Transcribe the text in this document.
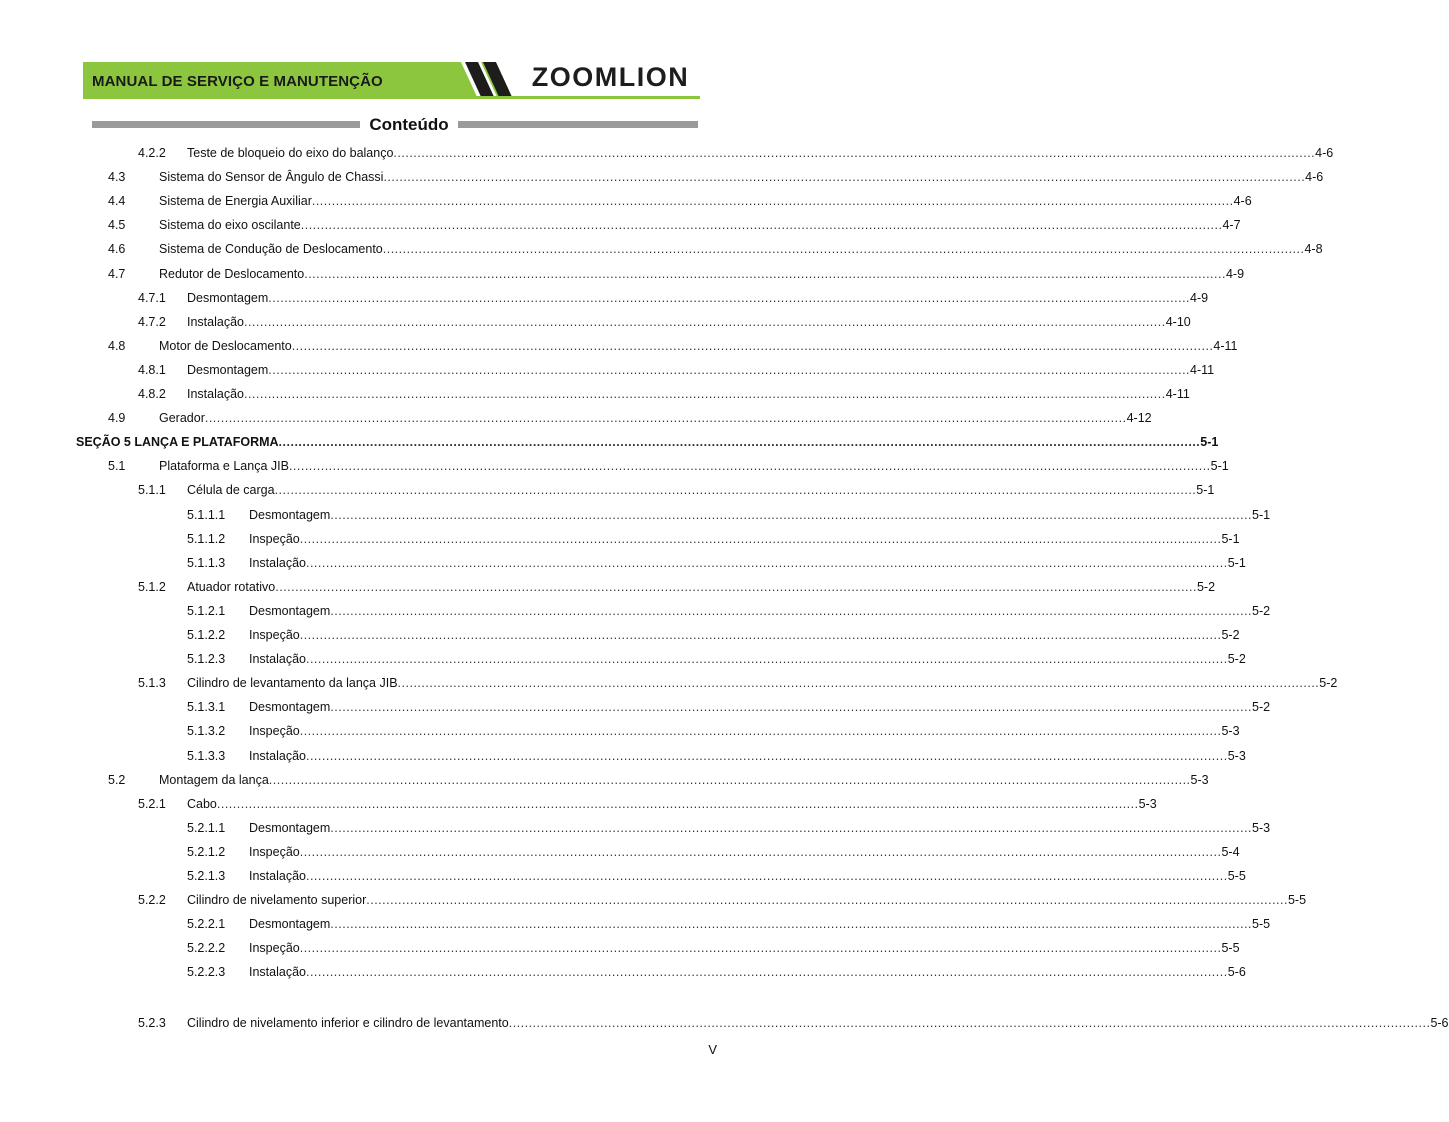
MANUAL DE SERVIÇO E MANUTENÇÃO	ZOOMLION
Conteúdo
4.2.2 Teste de bloqueio do eixo do balanço ........................................................................................................................................................................................................................................ 4-6
4.3	Sistema do Sensor de Ângulo de Chassi ........................................................................................................................................................................................................................................ 4-6
4.4	Sistema de Energia Auxiliar ........................................................................................................................................................................................................................................ 4-6
4.5	Sistema do eixo oscilante ........................................................................................................................................................................................................................................ 4-7
4.6	Sistema de Condução de Deslocamento ........................................................................................................................................................................................................................................ 4-8
4.7	Redutor de Deslocamento ........................................................................................................................................................................................................................................ 4-9
4.7.1 Desmontagem ........................................................................................................................................................................................................................................ 4-9
4.7.2 Instalação ........................................................................................................................................................................................................................................ 4-10
4.8	Motor de Deslocamento ........................................................................................................................................................................................................................................ 4-11
4.8.1 Desmontagem ........................................................................................................................................................................................................................................ 4-11
4.8.2 Instalação ........................................................................................................................................................................................................................................ 4-11
4.9	Gerador ........................................................................................................................................................................................................................................ 4-12
SEÇÃO 5 LANÇA E PLATAFORMA ........................................................................................................................................................................................................................................ 5-1
5.1	Plataforma e Lança JIB ........................................................................................................................................................................................................................................ 5-1
5.1.1 Célula de carga ........................................................................................................................................................................................................................................ 5-1
5.1.1.1 Desmontagem ........................................................................................................................................................................................................................................ 5-1
5.1.1.2 Inspeção ........................................................................................................................................................................................................................................ 5-1
5.1.1.3 Instalação ........................................................................................................................................................................................................................................ 5-1
5.1.2 Atuador rotativo ........................................................................................................................................................................................................................................ 5-2
5.1.2.1 Desmontagem ........................................................................................................................................................................................................................................ 5-2
5.1.2.2 Inspeção ........................................................................................................................................................................................................................................ 5-2
5.1.2.3 Instalação ........................................................................................................................................................................................................................................ 5-2
5.1.3 Cilindro de levantamento da lança JIB ........................................................................................................................................................................................................................................ 5-2
5.1.3.1 Desmontagem ........................................................................................................................................................................................................................................ 5-2
5.1.3.2 Inspeção ........................................................................................................................................................................................................................................ 5-3
5.1.3.3 Instalação ........................................................................................................................................................................................................................................ 5-3
5.2	Montagem da lança ........................................................................................................................................................................................................................................ 5-3
5.2.1 Cabo ........................................................................................................................................................................................................................................ 5-3
5.2.1.1 Desmontagem ........................................................................................................................................................................................................................................ 5-3
5.2.1.2 Inspeção ........................................................................................................................................................................................................................................ 5-4
5.2.1.3 Instalação ........................................................................................................................................................................................................................................ 5-5
5.2.2 Cilindro de nivelamento superior ........................................................................................................................................................................................................................................ 5-5
5.2.2.1 Desmontagem ........................................................................................................................................................................................................................................ 5-5
5.2.2.2 Inspeção ........................................................................................................................................................................................................................................ 5-5
5.2.2.3 Instalação ........................................................................................................................................................................................................................................ 5-6
5.2.3 Cilindro de nivelamento inferior e cilindro de levantamento ........................................................................................................................................................................................................................................ 5-6
V
